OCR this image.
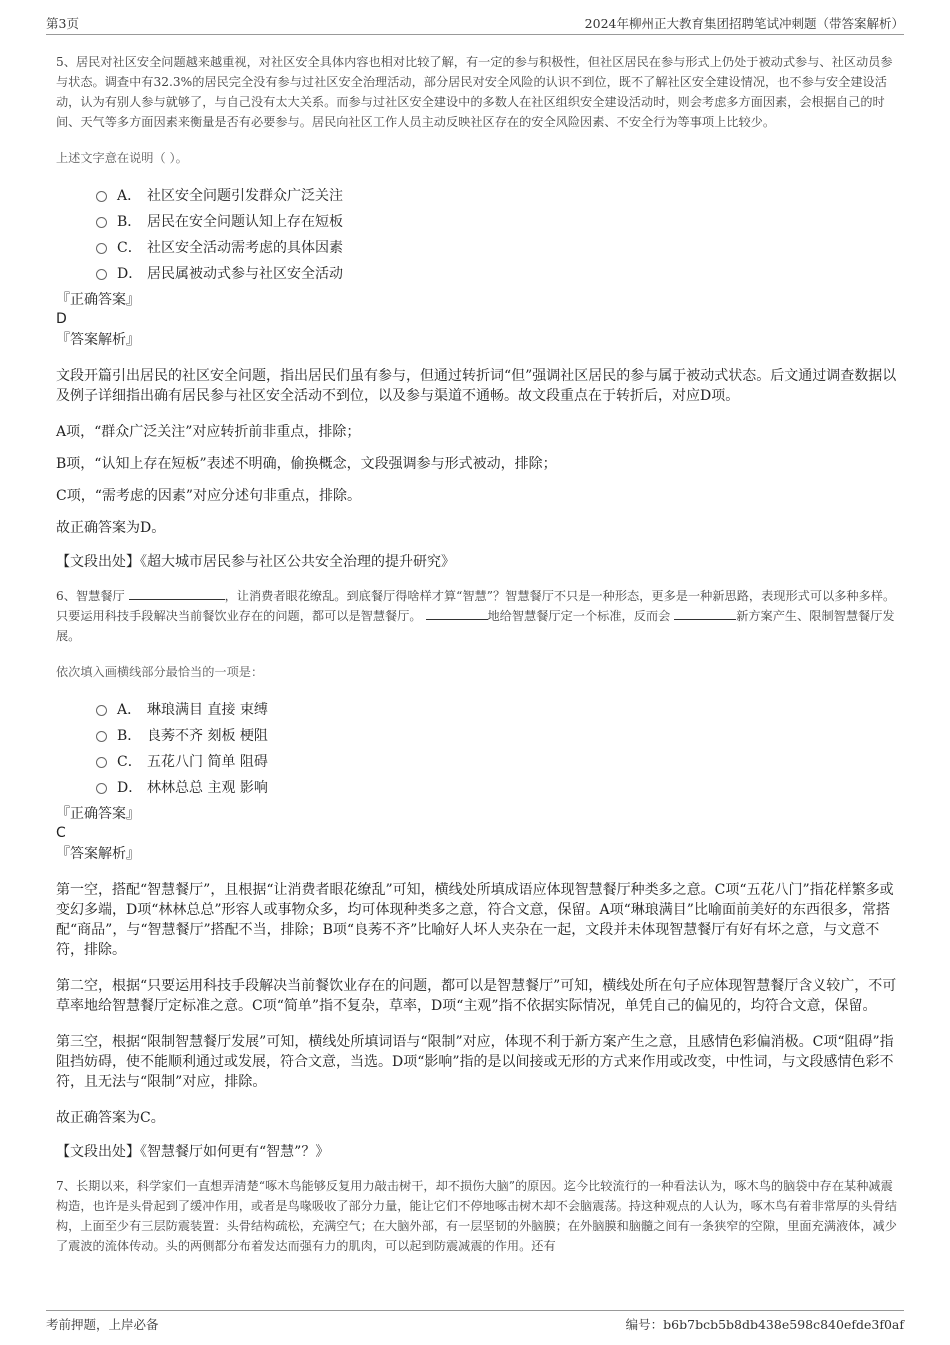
第3页	2024年柳州正大教育集团招聘笔试冲刺题（带答案解析）

5、居民对社区安全问题越来越重视，对社区安全具体内容也相对比较了解，有一定的参与积极性，但社区居民在参与形式上仍处于被动式参与、社区动员参与状态。调查中有32.3%的居民完全没有参与过社区安全治理活动，部分居民对安全风险的认识不到位，既不了解社区安全建设情况，也不参与安全建设活动，认为有别人参与就够了，与自己没有太大关系。而参与过社区安全建设中的多数人在社区组织安全建设活动时，则会考虑多方面因素，会根据自己的时间、天气等多方面因素来衡量是否有必要参与。居民向社区工作人员主动反映社区存在的安全风险因素、不安全行为等事项上比较少。

上述文字意在说明（ ）。

A． 社区安全问题引发群众广泛关注
B． 居民在安全问题认知上存在短板
C． 社区安全活动需考虑的具体因素
D． 居民属被动式参与社区安全活动

『正确答案』

D

『答案解析』

文段开篇引出居民的社区安全问题，指出居民们虽有参与，但通过转折词“但”强调社区居民的参与属于被动式状态。后文通过调查数据以及例子详细指出确有居民参与社区安全活动不到位，以及参与渠道不通畅。故文段重点在于转折后，对应D项。

A项，“群众广泛关注”对应转折前非重点，排除；

B项，“认知上存在短板”表述不明确，偷换概念，文段强调参与形式被动，排除；

C项，“需考虑的因素”对应分述句非重点，排除。

故正确答案为D。

【文段出处】《超大城市居民参与社区公共安全治理的提升研究》

6、智慧餐厅	，让消费者眼花缭乱。到底餐厅得啥样才算“智慧”？智慧餐厅不只是一种形态，更多是一种新思路，表现形式可以多种多样。只要运用科技手段解决当前餐饮业存在的问题，都可以是智慧餐厅。	地给智慧餐厅定一个标准，反而会	新方案产生、限制智慧餐厅发展。

依次填入画横线部分最恰当的一项是：

A． 琳琅满目 直接 束缚
B． 良莠不齐 刻板 梗阻
C． 五花八门 简单 阻碍
D． 林林总总 主观 影响

『正确答案』

C

『答案解析』

第一空，搭配“智慧餐厅”，且根据“让消费者眼花缭乱”可知，横线处所填成语应体现智慧餐厅种类多之意。C项“五花八门”指花样繁多或变幻多端，D项“林林总总”形容人或事物众多，均可体现种类多之意，符合文意，保留。A项“琳琅满目”比喻面前美好的东西很多，常搭配“商品”，与“智慧餐厅”搭配不当，排除；B项“良莠不齐”比喻好人坏人夹杂在一起，文段并未体现智慧餐厅有好有坏之意，与文意不符，排除。

第二空，根据“只要运用科技手段解决当前餐饮业存在的问题，都可以是智慧餐厅”可知，横线处所在句子应体现智慧餐厅含义较广，不可草率地给智慧餐厅定标准之意。C项“简单”指不复杂，草率，D项“主观”指不依据实际情况，单凭自己的偏见的，均符合文意，保留。

第三空，根据“限制智慧餐厅发展”可知，横线处所填词语与“限制”对应，体现不利于新方案产生之意，且感情色彩偏消极。C项“阻碍”指阻挡妨碍，使不能顺利通过或发展，符合文意，当选。D项“影响”指的是以间接或无形的方式来作用或改变，中性词，与文段感情色彩不符，且无法与“限制”对应，排除。

故正确答案为C。

【文段出处】《智慧餐厅如何更有“智慧”？》

7、长期以来，科学家们一直想弄清楚“啄木鸟能够反复用力敲击树干，却不损伤大脑”的原因。迄今比较流行的一种看法认为，啄木鸟的脑袋中存在某种减震构造，也许是头骨起到了缓冲作用，或者是鸟喙吸收了部分力量，能让它们不停地啄击树木却不会脑震荡。持这种观点的人认为，啄木鸟有着非常厚的头骨结构，上面至少有三层防震装置：头骨结构疏松，充满空气；在大脑外部，有一层坚韧的外脑膜；在外脑膜和脑髓之间有一条狭窄的空隙，里面充满液体，减少了震波的流体传动。头的两侧都分布着发达而强有力的肌肉，可以起到防震减震的作用。还有

考前押题，上岸必备	编号：b6b7bcb5b8db438e598c840efde3f0af
